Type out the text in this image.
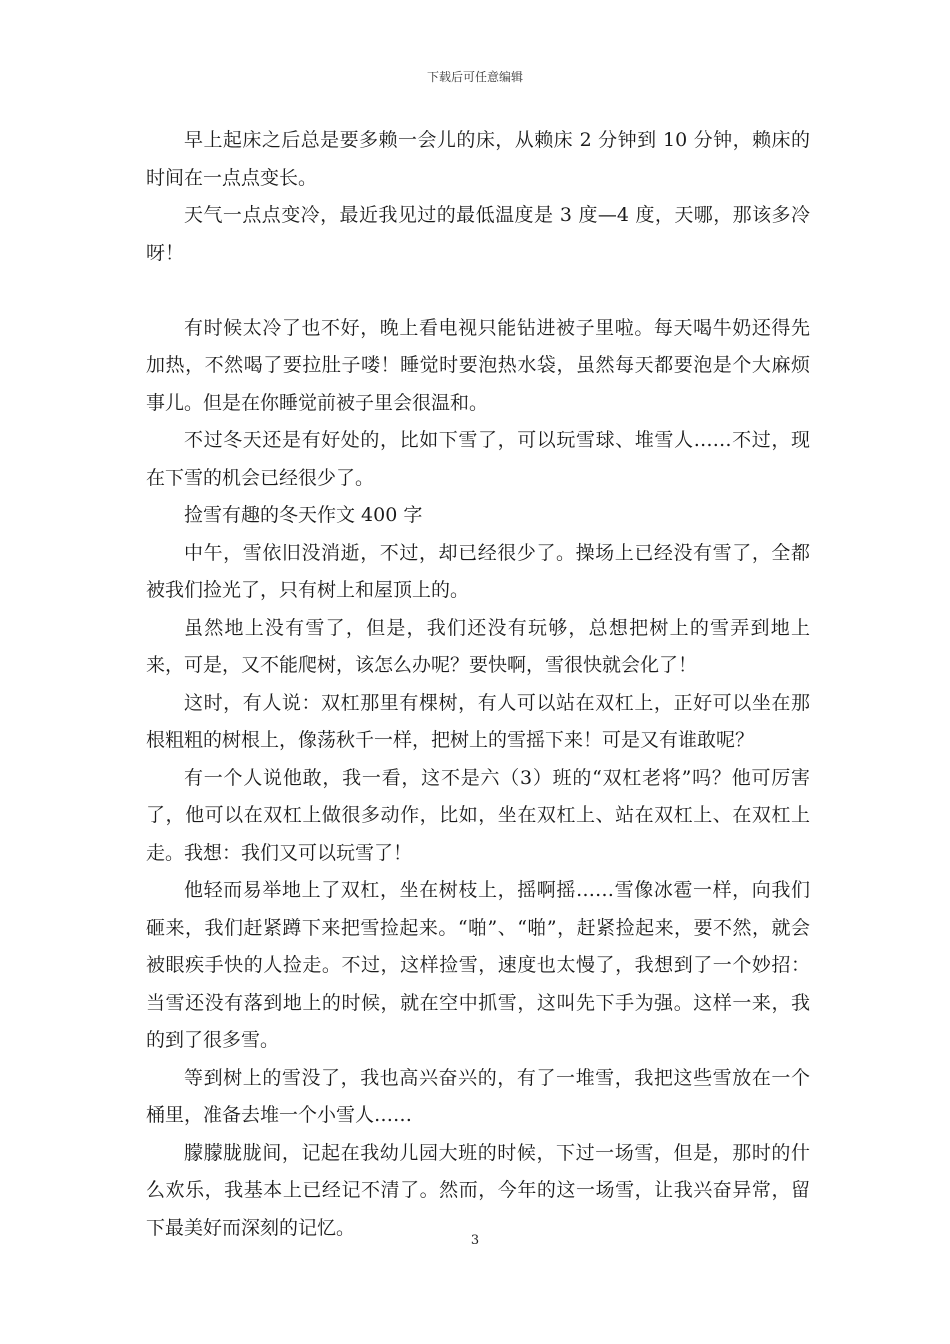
下载后可任意编辑

早上起床之后总是要多赖一会儿的床，从赖床 2 分钟到 10 分钟，赖床的时间在一点点变长。

天气一点点变冷，最近我见过的最低温度是 3 度—4 度，天哪，那该多冷呀！

有时候太冷了也不好，晚上看电视只能钻进被子里啦。每天喝牛奶还得先加热，不然喝了要拉肚子喽！睡觉时要泡热水袋，虽然每天都要泡是个大麻烦事儿。但是在你睡觉前被子里会很温和。

不过冬天还是有好处的，比如下雪了，可以玩雪球、堆雪人……不过，现在下雪的机会已经很少了。

捡雪有趣的冬天作文 400 字

中午，雪依旧没消逝，不过，却已经很少了。操场上已经没有雪了，全都被我们捡光了，只有树上和屋顶上的。

虽然地上没有雪了，但是，我们还没有玩够，总想把树上的雪弄到地上来，可是，又不能爬树，该怎么办呢？要快啊，雪很快就会化了！

这时，有人说：双杠那里有棵树，有人可以站在双杠上，正好可以坐在那根粗粗的树根上，像荡秋千一样，把树上的雪摇下来！可是又有谁敢呢？

有一个人说他敢，我一看，这不是六（3）班的“双杠老将”吗？他可厉害了，他可以在双杠上做很多动作，比如，坐在双杠上、站在双杠上、在双杠上走。我想：我们又可以玩雪了！

他轻而易举地上了双杠，坐在树枝上，摇啊摇……雪像冰雹一样，向我们砸来，我们赶紧蹲下来把雪捡起来。“啪”、“啪”，赶紧捡起来，要不然，就会被眼疾手快的人捡走。不过，这样捡雪，速度也太慢了，我想到了一个妙招：当雪还没有落到地上的时候，就在空中抓雪，这叫先下手为强。这样一来，我的到了很多雪。

等到树上的雪没了，我也高兴奋兴的，有了一堆雪，我把这些雪放在一个桶里，准备去堆一个小雪人……

朦朦胧胧间，记起在我幼儿园大班的时候，下过一场雪，但是，那时的什么欢乐，我基本上已经记不清了。然而，今年的这一场雪，让我兴奋异常，留下最美好而深刻的记忆。

3
